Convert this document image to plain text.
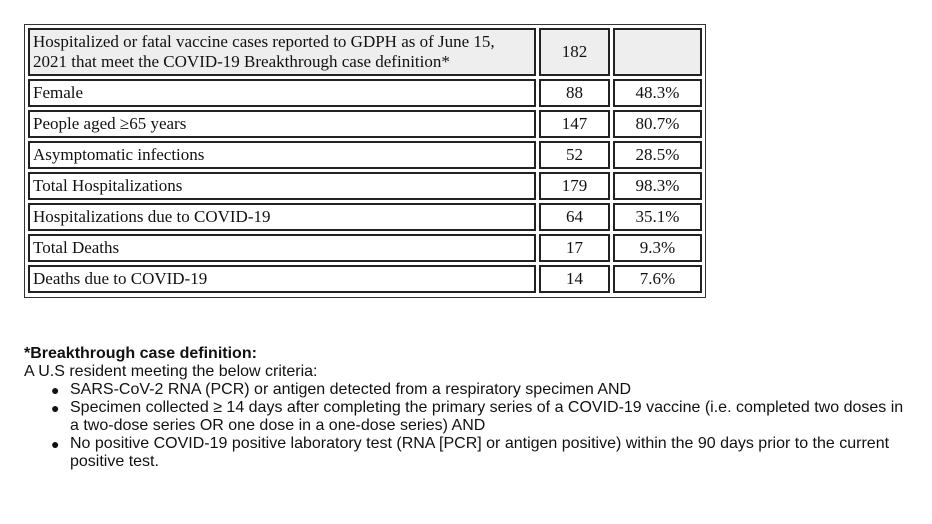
Hospitalized or fatal vaccine cases reported to GDPH as of June 15, 2021 that meet the COVID-19 Breakthrough case definition*	182	
Female	88	48.3%
People aged ≥65 years	147	80.7%
Asymptomatic infections	52	28.5%
Total Hospitalizations	179	98.3%
Hospitalizations due to COVID-19	64	35.1%
Total Deaths	17	9.3%
Deaths due to COVID-19	14	7.6%

*Breakthrough case definition:

A U.S resident meeting the below criteria:

● SARS-CoV-2 RNA (PCR) or antigen detected from a respiratory specimen AND
● Specimen collected ≥ 14 days after completing the primary series of a COVID-19 vaccine (i.e. completed two doses in a two-dose series OR one dose in a one-dose series) AND
● No positive COVID-19 positive laboratory test (RNA [PCR] or antigen positive) within the 90 days prior to the current positive test.
